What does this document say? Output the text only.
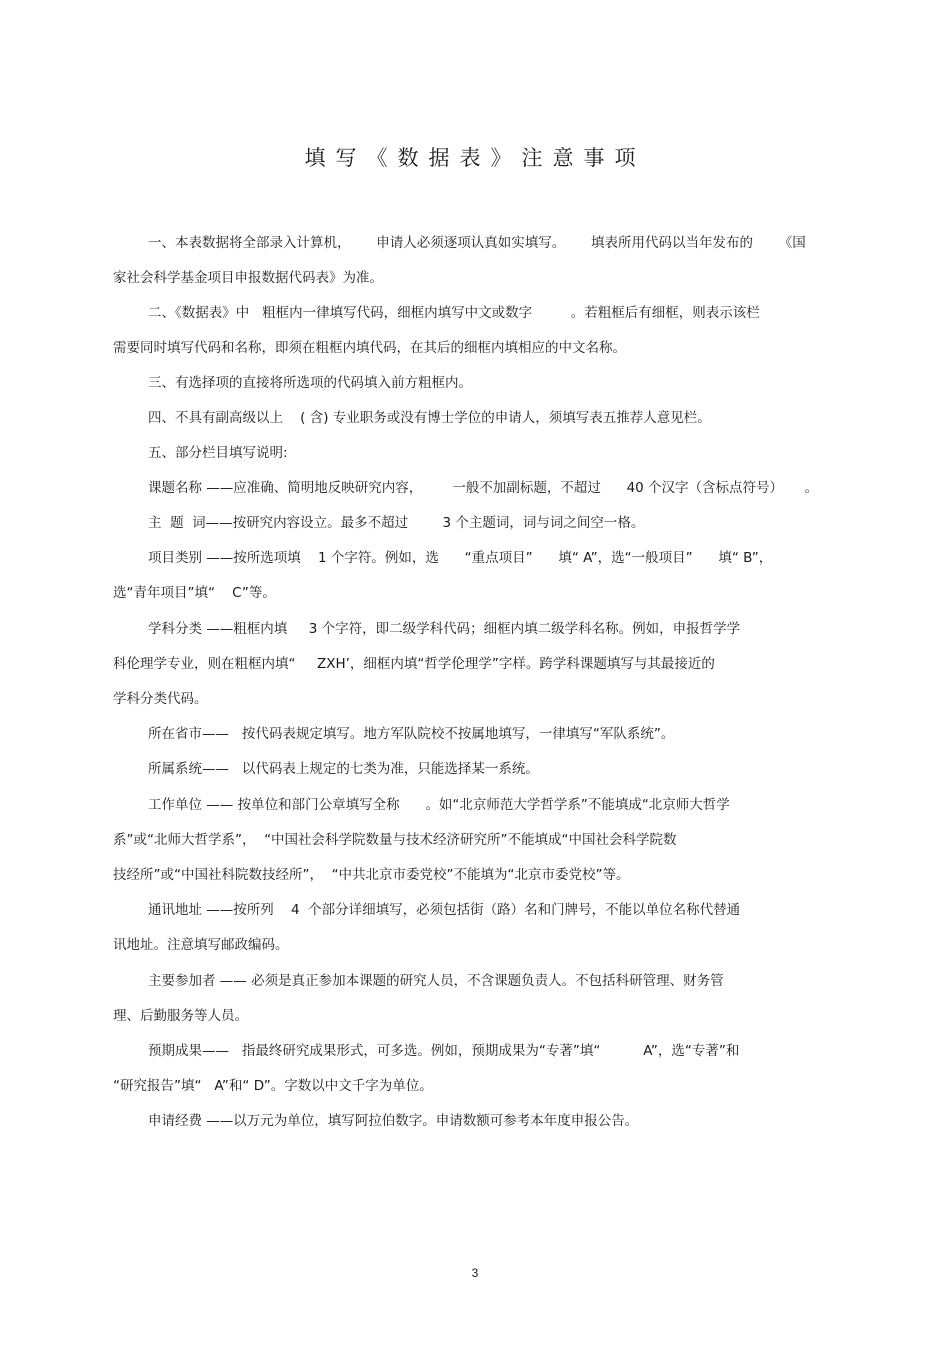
填写《数据表》注意事项
一、本表数据将全部录入计算机，      申请人必须逐项认真如实填写。      填表所用代码以当年发布的      《国
家社会科学基金项目申报数据代码表》为准。
二、《数据表》中   粗框内一律填写代码，细框内填写中文或数字         。若粗框后有细框，则表示该栏
需要同时填写代码和名称，即须在粗框内填代码，在其后的细框内填相应的中文名称。
三、有选择项的直接将所选项的代码填入前方粗框内。
四、不具有副高级以上    ( 含) 专业职务或没有博士学位的申请人，须填写表五推荐人意见栏。
五、部分栏目填写说明:
课题名称 ——应准确、简明地反映研究内容，       一般不加副标题，不超过      40 个汉字（含标点符号）     。
主  题  词——按研究内容设立。最多不超过        3 个主题词，词与词之间空一格。
项目类别 ——按所选项填    1 个字符。例如，选      “重点项目”      填“ A”，选“一般项目”      填“ B”，
选“青年项目”填“    C”等。
学科分类 ——粗框内填     3 个字符，即二级学科代码；细框内填二级学科名称。例如，申报哲学学
科伦理学专业，则在粗框内填“     ZXH’，细框内填“哲学伦理学”字样。跨学科课题填写与其最接近的
学科分类代码。
所在省市——   按代码表规定填写。地方军队院校不按属地填写，一律填写“军队系统”。
所属系统——   以代码表上规定的七类为准，只能选择某一系统。
工作单位 —— 按单位和部门公章填写全称      。如“北京师范大学哲学系”不能填成“北京师大哲学
系”或“北师大哲学系”，  “中国社会科学院数量与技术经济研究所”不能填成“中国社会科学院数
技经所”或“中国社科院数技经所”，  “中共北京市委党校”不能填为“北京市委党校”等。
通讯地址 ——按所列    4  个部分详细填写，必须包括街（路）名和门牌号，不能以单位名称代替通
讯地址。注意填写邮政编码。
主要参加者 —— 必须是真正参加本课题的研究人员，不含课题负责人。不包括科研管理、财务管
理、后勤服务等人员。
预期成果——   指最终研究成果形式，可多选。例如，预期成果为“专著”填“          A”，选“专著”和
“研究报告”填“   A”和“ D”。字数以中文千字为单位。
申请经费 ——以万元为单位，填写阿拉伯数字。申请数额可参考本年度申报公告。
3
